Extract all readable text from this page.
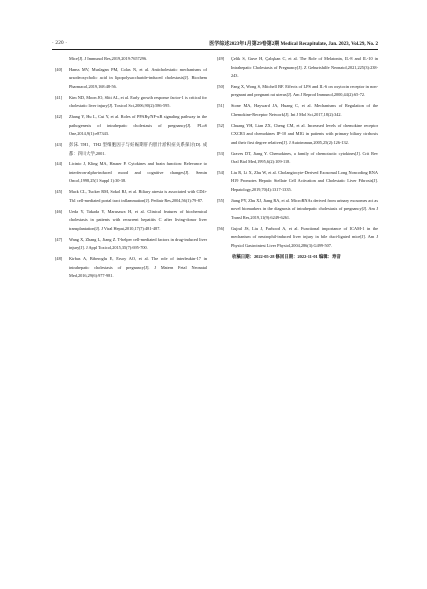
· 220 ·	医学综述2023年1月第29卷第2期 Medical Recapitulate, Jan. 2023, Vol.29, No. 2
Mice[J]. J Immunol Res,2019,2019:7657296.
[40]	Hanss MV, Muslagan PM, Colas N, et al. Anticholestatic mechanisms of ursodeoxycholic acid in lipopolysaccharide-induced cholestasis[J]. Biochem Pharmacol,2019,168:48-56.
[41]	Kim ND, Moon JO, Slitt AL, et al. Early growth response factor-1 is critical for cholestatic liver injury[J]. Toxicol Sci,2006,90(2):586-595.
[42]	Zhang Y, Hu L, Cui Y, et al. Roles of PPARγ/NF-κB signaling pathway in the pathogenesis of intrahepatic cholestasis of pregnancy[J]. PLoS One,2014,9(1):e87343.
[43]	彭沫. TH1、TH2 型细胞因子与妊娠期肝内胆汁淤积症关系探讨[D]. 成都：四川大学,2001.
[44]	Licinio J, Kling MA, Hauser P. Cytokines and brain function: Relevance to interferon-alpha-induced mood and cognitive changes[J]. Semin Oncol,1998,25(1 Suppl 1):30-38.
[45]	Mack CL, Tucker RM, Sokol RJ, et al. Biliary atresia is associated with CD4+ Th1 cell-mediated portal tract inflammation[J]. Pediatr Res,2004,56(1):79-87.
[46]	Ueda Y, Takada Y, Marusawa H, et al. Clinical features of biochemical cholestasis in patients with recurrent hepatitis C after living-donor liver transplantation[J]. J Viral Hepat,2010,17(7):481-487.
[47]	Wang X, Zhang L, Jiang Z. T-helper cell-mediated factors in drug-induced liver injury[J]. J Appl Toxicol,2015,35(7):695-700.
[48]	Kirbas A, Biberoglu E, Ersoy AO, et al. The role of interleukin-17 in intrahepatic cholestasis of pregnancy[J]. J Matern Fetal Neonatal Med,2016,29(6):977-981.
[49]	Çelik S, Guve H, Çalışkan C, et al. The Role of Melatonin, IL-8 and IL-10 in Intrahepatic Cholestasis of Pregnancy[J]. Z Geburtshilfe Neonatol,2021,225(3):238-243.
[50]	Fang X, Wong S, Mitchell BF. Effects of LPS and IL-6 on oxytocin receptor in non-pregnant and pregnant rat uterus[J]. Am J Reprod Immunol,2000,44(2):65-72.
[51]	Stone MA, Hayward JA, Huang C, et al. Mechanisms of Regulation of the Chemokine-Receptor Network[J]. Int J Mol Sci,2017,18(2):342.
[52]	Chuang YH, Lian ZX, Cheng CM, et al. Increased levels of chemokine receptor CXCR3 and chemokines IP-10 and MIG in patients with primary biliary cirrhosis and their first degree relatives[J]. J Autoimmun,2005,25(2):126-132.
[53]	Graves DT, Jiang Y. Chemokines, a family of chemotactic cytokines[J]. Crit Rev Oral Biol Med,1995,6(2):109-118.
[54]	Liu R, Li X, Zhu W, et al. Cholangiocyte-Derived Exosomal Long Noncoding RNA H19 Promotes Hepatic Stellate Cell Activation and Cholestatic Liver Fibrosis[J]. Hepatology,2019,70(4):1317-1335.
[55]	Jiang PY, Zhu XJ, Jiang RA, et al. MicroRNAs derived from urinary exosomes act as novel biomarkers in the diagnosis of intrahepatic cholestasis of pregnancy[J]. Am J Transl Res,2019,11(9):6249-6261.
[56]	Gujral JS, Liu J, Farhood A, et al. Functional importance of ICAM-1 in the mechanism of neutrophil-induced liver injury in bile duct-ligated mice[J]. Am J Physiol Gastrointest Liver Physiol,2004,286(3):G499-507.
收稿日期：2022-05-28 修回日期：2022-11-01 编辑：寿音
